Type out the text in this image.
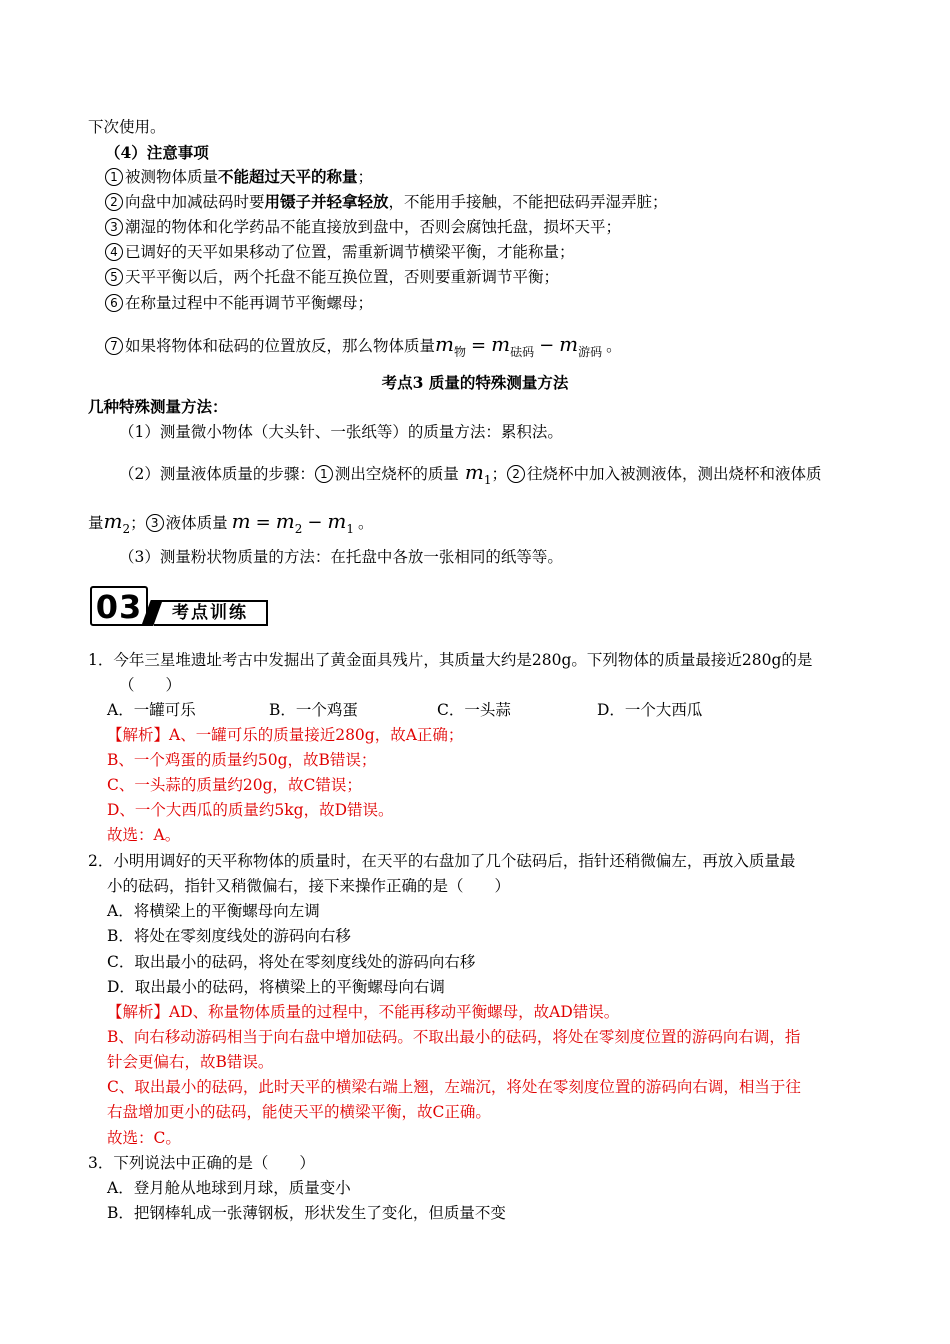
下次使用。
（4）注意事项
1 被测物体质量不能超过天平的称量；
2 向盘中加减砝码时要用镊子并轻拿轻放，不能用手接触，不能把砝码弄湿弄脏；
3 潮湿的物体和化学药品不能直接放到盘中，否则会腐蚀托盘，损坏天平；
4 已调好的天平如果移动了位置，需重新调节横梁平衡，才能称量；
5 天平平衡以后，两个托盘不能互换位置，否则要重新调节平衡；
6 在称量过程中不能再调节平衡螺母；
7 如果将物体和砝码的位置放反，那么物体质量$m_物 = m_{砝码} - m_{游码}$ 。
考点3 质量的特殊测量方法
几种特殊测量方法：
（1）测量微小物体（大头针、一张纸等）的质量方法：累积法。
（2）测量液体质量的步骤： 1 测出空烧杯的质量 $m_1$； 2 往烧杯中加入被测液体，测出烧杯和液体质
量$m_2$； 3 液体质量 $m = m_2 - m_1$ 。
（3）测量粉状物质量的方法：在托盘中各放一张相同的纸等等。
03	考点训练
1．今年三星堆遗址考古中发掘出了黄金面具残片，其质量大约是280g。下列物体的质量最接近280g的是
（　　）
A．一罐可乐	B．一个鸡蛋	C．一头蒜	D．一个大西瓜
【解析】A、一罐可乐的质量接近280g，故A正确；
B、一个鸡蛋的质量约50g，故B错误；
C、一头蒜的质量约20g，故C错误；
D、一个大西瓜的质量约5kg，故D错误。
故选：A。
2．小明用调好的天平称物体的质量时，在天平的右盘加了几个砝码后，指针还稍微偏左，再放入质量最
小的砝码，指针又稍微偏右，接下来操作正确的是（　　）
A．将横梁上的平衡螺母向左调
B．将处在零刻度线处的游码向右移
C．取出最小的砝码，将处在零刻度线处的游码向右移
D．取出最小的砝码，将横梁上的平衡螺母向右调
【解析】AD、称量物体质量的过程中，不能再移动平衡螺母，故AD错误。
B、向右移动游码相当于向右盘中增加砝码。不取出最小的砝码，将处在零刻度位置的游码向右调，指
针会更偏右，故B错误。
C、取出最小的砝码，此时天平的横梁右端上翘，左端沉，将处在零刻度位置的游码向右调，相当于往
右盘增加更小的砝码，能使天平的横梁平衡，故C正确。
故选：C。
3．下列说法中正确的是（　　）
A．登月舱从地球到月球，质量变小
B．把钢棒轧成一张薄钢板，形状发生了变化，但质量不变
